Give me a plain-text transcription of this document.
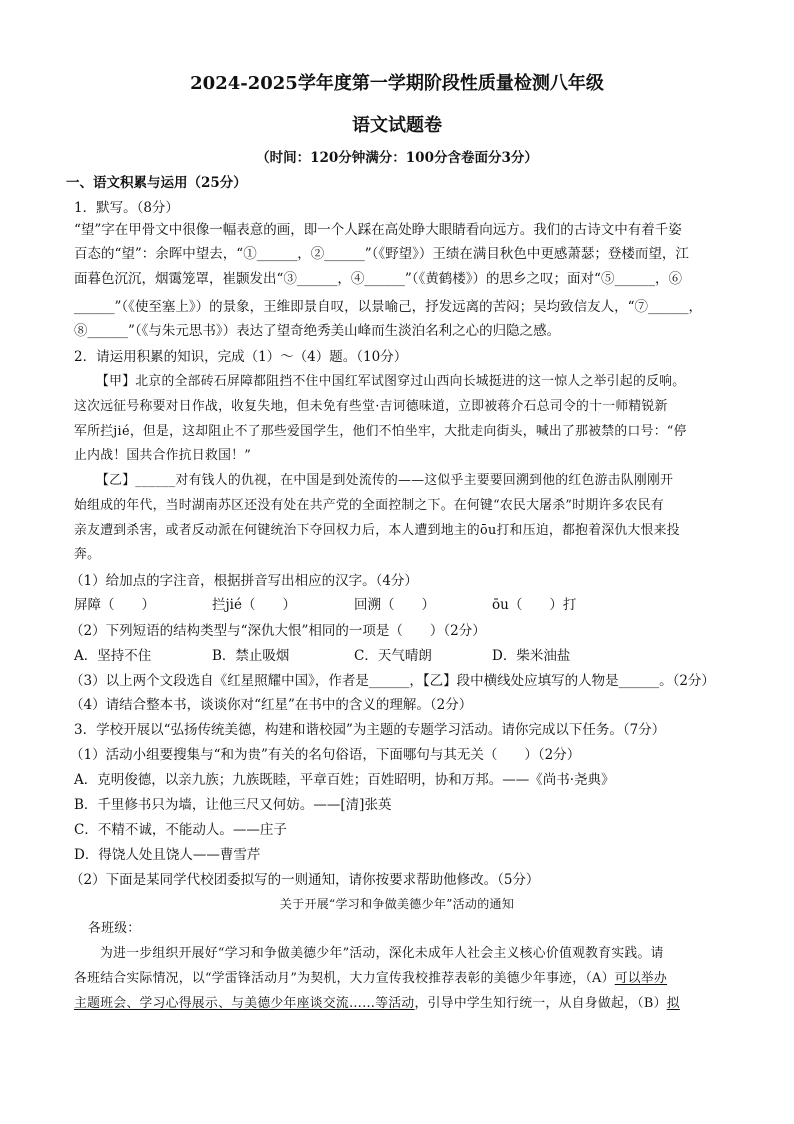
2024-2025学年度第一学期阶段性质量检测八年级
语文试题卷
（时间：120分钟满分：100分含卷面分3分）
一、语文积累与运用（25分）
1．默写。（8分）
“望”字在甲骨文中很像一幅表意的画，即一个人踩在高处睁大眼睛看向远方。我们的古诗文中有着千姿
百态的“望”：余晖中望去，“①______，②______”（《野望》）王绩在满目秋色中更感萧瑟；登楼而望，江
面暮色沉沉，烟霭笼罩，崔颢发出“③______，④______”（《黄鹤楼》）的思乡之叹；面对“⑤______，⑥
______”（《使至塞上》）的景象，王维即景自叹，以景喻己，抒发远离的苦闷；吴均致信友人，“⑦______，
⑧______”（《与朱元思书》）表达了望奇绝秀美山峰而生淡泊名利之心的归隐之感。
2．请运用积累的知识，完成（1）～（4）题。（10分）
【甲】北京的全部砖石屏障都阻挡不住中国红军试图穿过山西向长城挺进的这一惊人之举引起的反响。
这次远征号称要对日作战，收复失地，但未免有些堂·吉诃德味道，立即被蒋介石总司令的十一师精锐新
军所拦jié，但是，这却阻止不了那些爱国学生，他们不怕坐牢，大批走向街头，喊出了那被禁的口号：“停
止内战！国共合作抗日救国！”
【乙】______对有钱人的仇视，在中国是到处流传的——这似乎主要要回溯到他的红色游击队刚刚开
始组成的年代，当时湖南苏区还没有处在共产党的全面控制之下。在何键“农民大屠杀”时期许多农民有
亲友遭到杀害，或者反动派在何键统治下夺回权力后，本人遭到地主的ōu打和压迫，都抱着深仇大恨来投
奔。
（1）给加点的字注音，根据拼音写出相应的汉字。（4分）
屏障（　　）	拦jié（　　）	回溯（　　）	ōu（　　）打
（2）下列短语的结构类型与“深仇大恨”相同的一项是（　　）（2分）
A．坚持不住	B．禁止吸烟	C．天气晴朗	D．柴米油盐
（3）以上两个文段选自《红星照耀中国》，作者是______，【乙】段中横线处应填写的人物是______。（2分）
（4）请结合整本书，谈谈你对“红星”在书中的含义的理解。（2分）
3．学校开展以“弘扬传统美德，构建和谐校园”为主题的专题学习活动。请你完成以下任务。（7分）
（1）活动小组要搜集与“和为贵”有关的名句俗语，下面哪句与其无关（　　）（2分）
A．克明俊德，以亲九族；九族既睦，平章百姓；百姓昭明，协和万邦。——《尚书·尧典》
B．千里修书只为墙，让他三尺又何妨。——[清]张英
C．不精不诚，不能动人。——庄子
D．得饶人处且饶人——曹雪芹
（2）下面是某同学代校团委拟写的一则通知，请你按要求帮助他修改。（5分）
关于开展“学习和争做美德少年”活动的通知
各班级：
为进一步组织开展好“学习和争做美德少年”活动，深化未成年人社会主义核心价值观教育实践。请
各班结合实际情况，以“学雷锋活动月”为契机，大力宣传我校推荐表彰的美德少年事迹，（A）可以举办
主题班会、学习心得展示、与美德少年座谈交流……等活动，引导中学生知行统一，从自身做起，（B）拟
